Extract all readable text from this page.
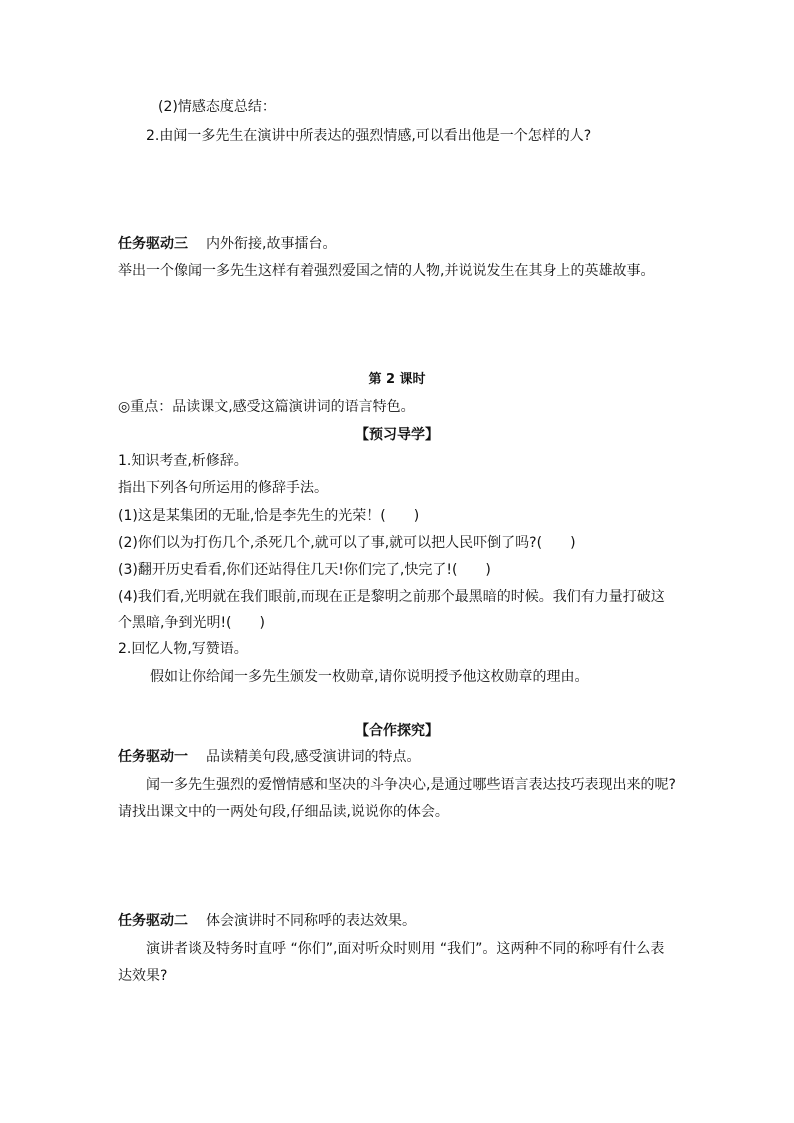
(2)情感态度总结：
2.由闻一多先生在演讲中所表达的强烈情感,可以看出他是一个怎样的人?
任务驱动三 内外衔接,故事擂台。
举出一个像闻一多先生这样有着强烈爱国之情的人物,并说说发生在其身上的英雄故事。
第 2 课时
◎重点：品读课文,感受这篇演讲词的语言特色。
【预习导学】
1.知识考查,析修辞。
指出下列各句所运用的修辞手法。
(1)这是某集团的无耻,恰是李先生的光荣！(　　)
(2)你们以为打伤几个,杀死几个,就可以了事,就可以把人民吓倒了吗?(　　)
(3)翻开历史看看,你们还站得住几天!你们完了,快完了!(　　)
(4)我们看,光明就在我们眼前,而现在正是黎明之前那个最黑暗的时候。我们有力量打破这
个黑暗,争到光明!(　　)
2.回忆人物,写赞语。
假如让你给闻一多先生颁发一枚勋章,请你说明授予他这枚勋章的理由。
【合作探究】
任务驱动一 品读精美句段,感受演讲词的特点。
闻一多先生强烈的爱憎情感和坚决的斗争决心,是通过哪些语言表达技巧表现出来的呢?
请找出课文中的一两处句段,仔细品读,说说你的体会。
任务驱动二 体会演讲时不同称呼的表达效果。
演讲者谈及特务时直呼 “你们”,面对听众时则用 “我们”。这两种不同的称呼有什么表
达效果?
